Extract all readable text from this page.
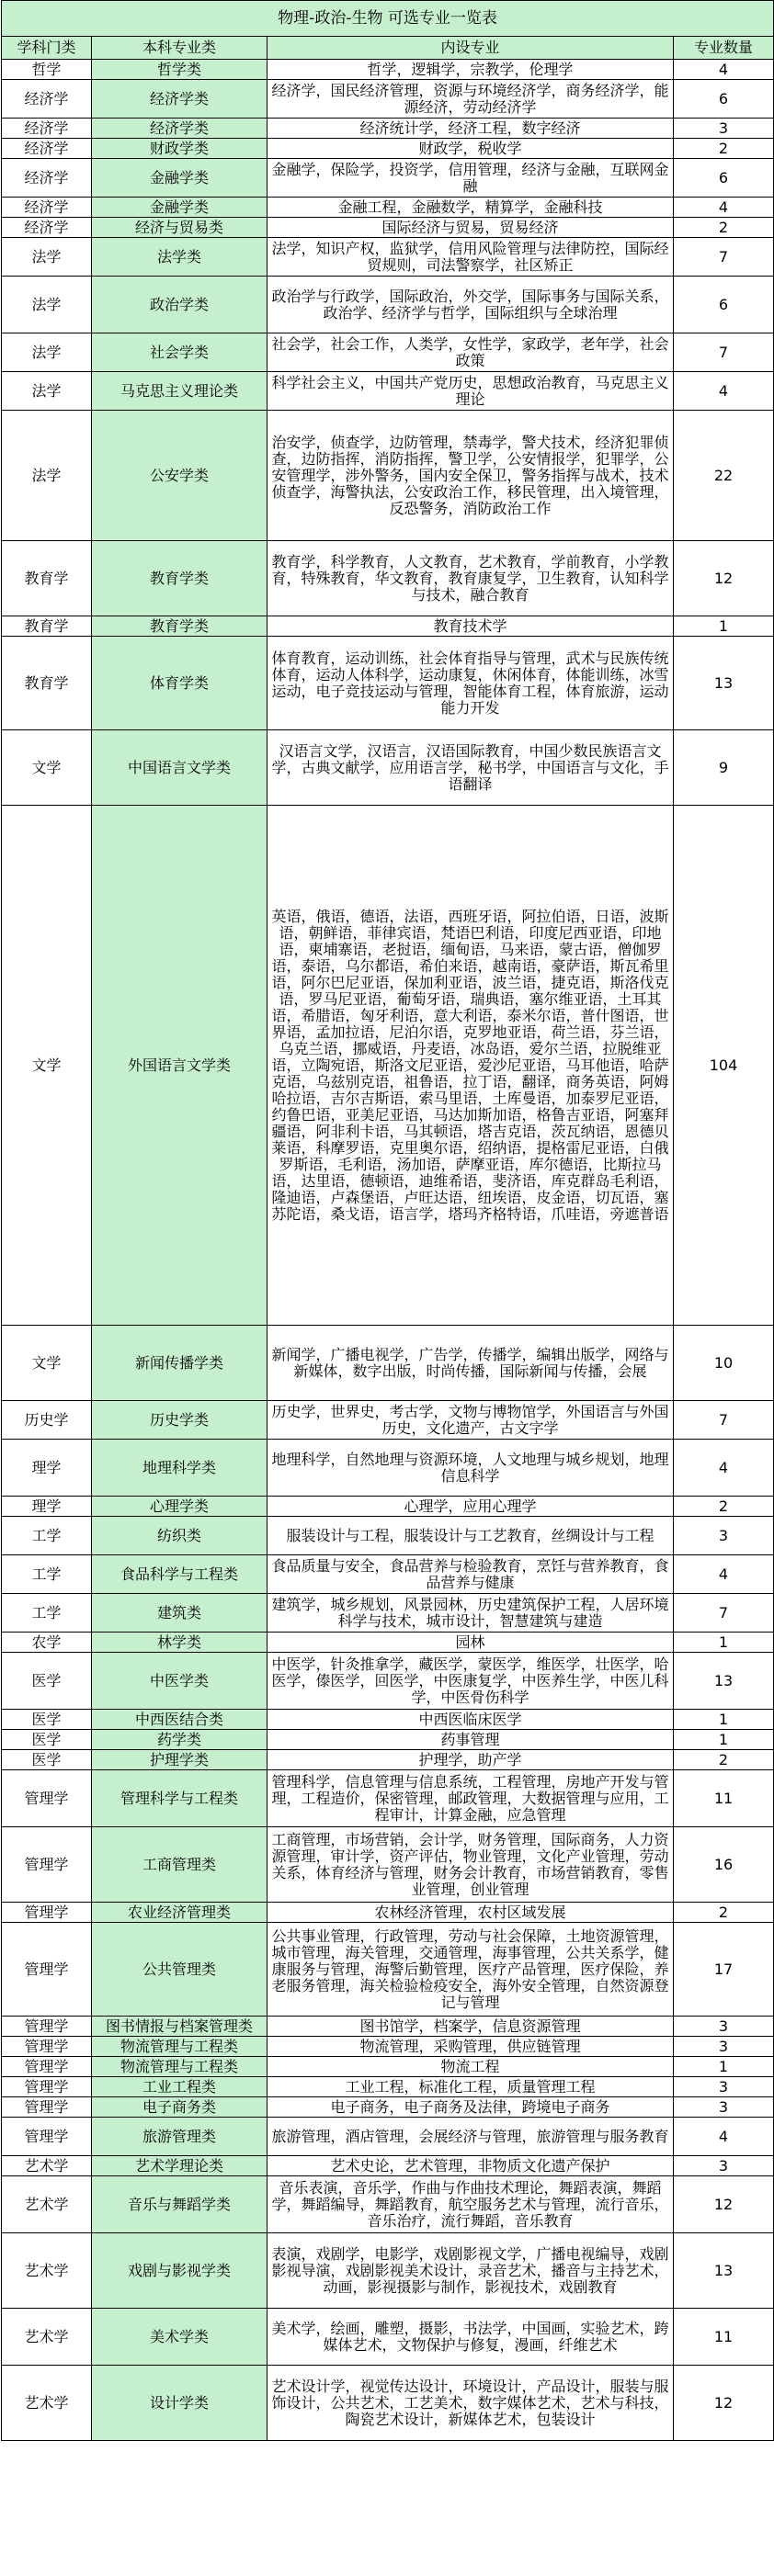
物理-政治-生物 可选专业一览表			
学科门类	本科专业类	内设专业	专业数量
哲学	哲学类	哲学，逻辑学，宗教学，伦理学	4
经济学	经济学类	经济学，国民经济管理，资源与环境经济学，商务经济学，能源经济，劳动经济学	6
经济学	经济学类	经济统计学，经济工程，数字经济	3
经济学	财政学类	财政学，税收学	2
经济学	金融学类	金融学，保险学，投资学，信用管理，经济与金融，互联网金融	6
经济学	金融学类	金融工程，金融数学，精算学，金融科技	4
经济学	经济与贸易类	国际经济与贸易，贸易经济	2
法学	法学类	法学，知识产权，监狱学，信用风险管理与法律防控，国际经贸规则，司法警察学，社区矫正	7
法学	政治学类	政治学与行政学，国际政治，外交学，国际事务与国际关系，政治学、经济学与哲学，国际组织与全球治理	6
法学	社会学类	社会学，社会工作，人类学，女性学，家政学，老年学，社会政策	7
法学	马克思主义理论类	科学社会主义，中国共产党历史，思想政治教育，马克思主义理论	4
法学	公安学类	治安学，侦查学，边防管理，禁毒学，警犬技术，经济犯罪侦查，边防指挥，消防指挥，警卫学，公安情报学，犯罪学，公安管理学，涉外警务，国内安全保卫，警务指挥与战术，技术侦查学，海警执法，公安政治工作，移民管理，出入境管理，反恐警务，消防政治工作	22
教育学	教育学类	教育学，科学教育，人文教育，艺术教育，学前教育，小学教育，特殊教育，华文教育，教育康复学，卫生教育，认知科学与技术，融合教育	12
教育学	教育学类	教育技术学	1
教育学	体育学类	体育教育，运动训练，社会体育指导与管理，武术与民族传统体育，运动人体科学，运动康复，休闲体育，体能训练，冰雪运动，电子竞技运动与管理，智能体育工程，体育旅游，运动能力开发	13
文学	中国语言文学类	汉语言文学，汉语言，汉语国际教育，中国少数民族语言文学，古典文献学，应用语言学，秘书学，中国语言与文化，手语翻译	9
文学	外国语言文学类	英语，俄语，德语，法语，西班牙语，阿拉伯语，日语，波斯语，朝鲜语，菲律宾语，梵语巴利语，印度尼西亚语，印地语，柬埔寨语，老挝语，缅甸语，马来语，蒙古语，僧伽罗语，泰语，乌尔都语，希伯来语，越南语，豪萨语，斯瓦希里语，阿尔巴尼亚语，保加利亚语，波兰语，捷克语，斯洛伐克语，罗马尼亚语，葡萄牙语，瑞典语，塞尔维亚语，土耳其语，希腊语，匈牙利语，意大利语，泰米尔语，普什图语，世界语，孟加拉语，尼泊尔语，克罗地亚语，荷兰语，芬兰语，乌克兰语，挪威语，丹麦语，冰岛语，爱尔兰语，拉脱维亚语，立陶宛语，斯洛文尼亚语，爱沙尼亚语，马耳他语，哈萨克语，乌兹别克语，祖鲁语，拉丁语，翻译，商务英语，阿姆哈拉语，吉尔吉斯语，索马里语，土库曼语，加泰罗尼亚语，约鲁巴语，亚美尼亚语，马达加斯加语，格鲁吉亚语，阿塞拜疆语，阿非利卡语，马其顿语，塔吉克语，茨瓦纳语，恩德贝莱语，科摩罗语，克里奥尔语，绍纳语，提格雷尼亚语，白俄罗斯语，毛利语，汤加语，萨摩亚语，库尔德语，比斯拉马语，达里语，德顿语，迪维希语，斐济语，库克群岛毛利语，隆迪语，卢森堡语，卢旺达语，纽埃语，皮金语，切瓦语，塞苏陀语，桑戈语，语言学，塔玛齐格特语，爪哇语，旁遮普语	104
文学	新闻传播学类	新闻学，广播电视学，广告学，传播学，编辑出版学，网络与新媒体，数字出版，时尚传播，国际新闻与传播，会展	10
历史学	历史学类	历史学，世界史，考古学，文物与博物馆学，外国语言与外国历史，文化遗产，古文字学	7
理学	地理科学类	地理科学，自然地理与资源环境，人文地理与城乡规划，地理信息科学	4
理学	心理学类	心理学，应用心理学	2
工学	纺织类	服装设计与工程，服装设计与工艺教育，丝绸设计与工程	3
工学	食品科学与工程类	食品质量与安全，食品营养与检验教育，烹饪与营养教育，食品营养与健康	4
工学	建筑类	建筑学，城乡规划，风景园林，历史建筑保护工程，人居环境科学与技术，城市设计，智慧建筑与建造	7
农学	林学类	园林	1
医学	中医学类	中医学，针灸推拿学，藏医学，蒙医学，维医学，壮医学，哈医学，傣医学，回医学，中医康复学，中医养生学，中医儿科学，中医骨伤科学	13
医学	中西医结合类	中西医临床医学	1
医学	药学类	药事管理	1
医学	护理学类	护理学，助产学	2
管理学	管理科学与工程类	管理科学，信息管理与信息系统，工程管理，房地产开发与管理，工程造价，保密管理，邮政管理，大数据管理与应用，工程审计，计算金融，应急管理	11
管理学	工商管理类	工商管理，市场营销，会计学，财务管理，国际商务，人力资源管理，审计学，资产评估，物业管理，文化产业管理，劳动关系，体育经济与管理，财务会计教育，市场营销教育，零售业管理，创业管理	16
管理学	农业经济管理类	农林经济管理，农村区域发展	2
管理学	公共管理类	公共事业管理，行政管理，劳动与社会保障，土地资源管理，城市管理，海关管理，交通管理，海事管理，公共关系学，健康服务与管理，海警后勤管理，医疗产品管理，医疗保险，养老服务管理，海关检验检疫安全，海外安全管理，自然资源登记与管理	17
管理学	图书情报与档案管理类	图书馆学，档案学，信息资源管理	3
管理学	物流管理与工程类	物流管理，采购管理，供应链管理	3
管理学	物流管理与工程类	物流工程	1
管理学	工业工程类	工业工程，标准化工程，质量管理工程	3
管理学	电子商务类	电子商务，电子商务及法律，跨境电子商务	3
管理学	旅游管理类	旅游管理，酒店管理，会展经济与管理，旅游管理与服务教育	4
艺术学	艺术学理论类	艺术史论，艺术管理，非物质文化遗产保护	3
艺术学	音乐与舞蹈学类	音乐表演，音乐学，作曲与作曲技术理论，舞蹈表演，舞蹈学，舞蹈编导，舞蹈教育，航空服务艺术与管理，流行音乐，音乐治疗，流行舞蹈，音乐教育	12
艺术学	戏剧与影视学类	表演，戏剧学，电影学，戏剧影视文学，广播电视编导，戏剧影视导演，戏剧影视美术设计，录音艺术，播音与主持艺术，动画，影视摄影与制作，影视技术，戏剧教育	13
艺术学	美术学类	美术学，绘画，雕塑，摄影，书法学，中国画，实验艺术，跨媒体艺术，文物保护与修复，漫画，纤维艺术	11
艺术学	设计学类	艺术设计学，视觉传达设计，环境设计，产品设计，服装与服饰设计，公共艺术，工艺美术，数字媒体艺术，艺术与科技，陶瓷艺术设计，新媒体艺术，包装设计	12
